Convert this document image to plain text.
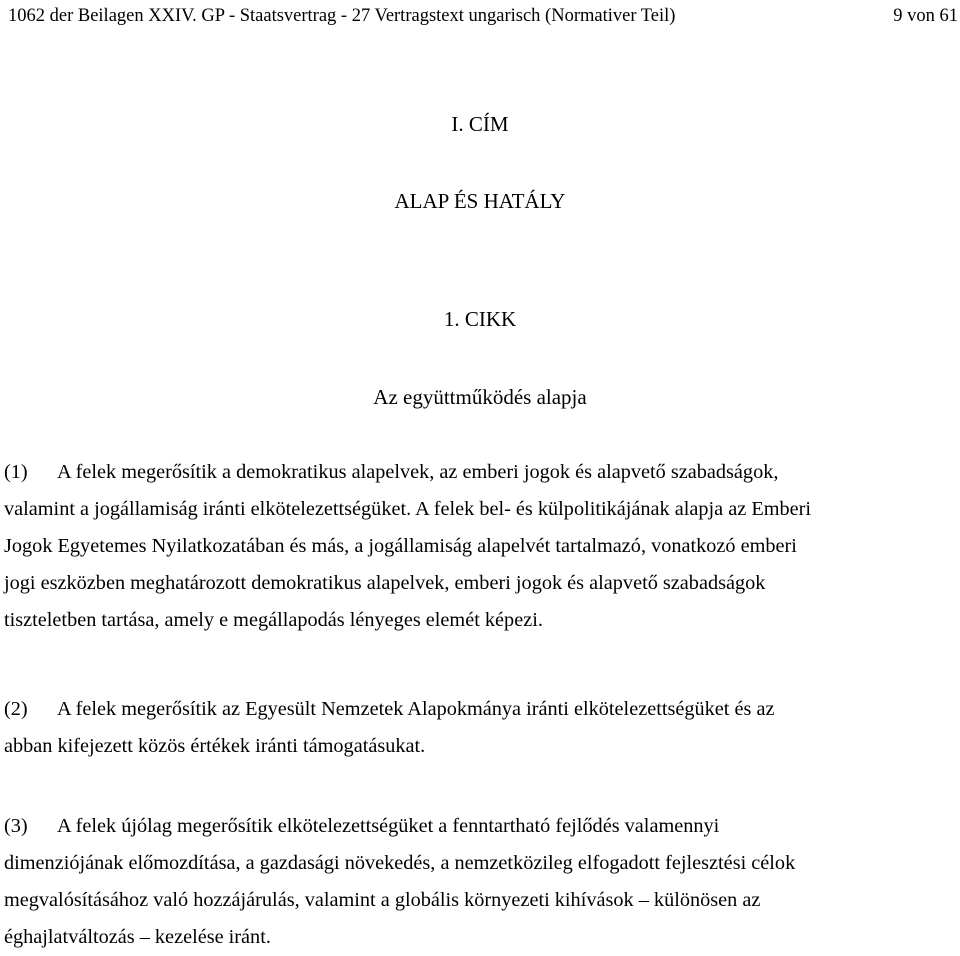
1062 der Beilagen XXIV. GP - Staatsvertrag - 27 Vertragstext ungarisch (Normativer Teil)	9 von 61
I. CÍM
ALAP ÉS HATÁLY
1. CIKK
Az együttműködés alapja
(1) A felek megerősítik a demokratikus alapelvek, az emberi jogok és alapvető szabadságok,
valamint a jogállamiság iránti elkötelezettségüket. A felek bel- és külpolitikájának alapja az Emberi
Jogok Egyetemes Nyilatkozatában és más, a jogállamiság alapelvét tartalmazó, vonatkozó emberi
jogi eszközben meghatározott demokratikus alapelvek, emberi jogok és alapvető szabadságok
tiszteletben tartása, amely e megállapodás lényeges elemét képezi.
(2) A felek megerősítik az Egyesült Nemzetek Alapokmánya iránti elkötelezettségüket és az
abban kifejezett közös értékek iránti támogatásukat.
(3) A felek újólag megerősítik elkötelezettségüket a fenntartható fejlődés valamennyi
dimenziójának előmozdítása, a gazdasági növekedés, a nemzetközileg elfogadott fejlesztési célok
megvalósításához való hozzájárulás, valamint a globális környezeti kihívások – különösen az
éghajlatváltozás – kezelése iránt.
